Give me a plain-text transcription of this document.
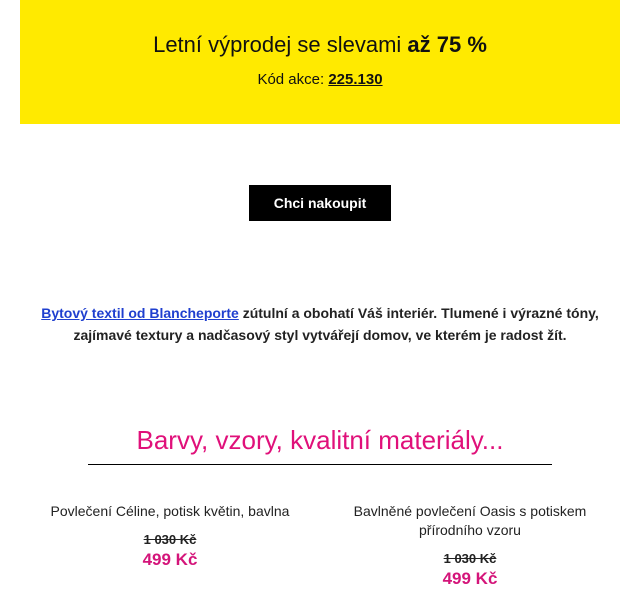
Letní výprodej se slevami až 75 %
Kód akce: 225.130
Chci nakoupit
Bytový textil od Blancheporte zútulní a obohatí Váš interiér. Tlumené i výrazné tóny, zajímavé textury a nadčasový styl vytvářejí domov, ve kterém je radost žít.
Barvy, vzory, kvalitní materiály...
Povlečení Céline, potisk květin, bavlna
1 030 Kč
499 Kč
Bavlněné povlečení Oasis s potiskem přírodního vzoru
1 030 Kč
499 Kč
